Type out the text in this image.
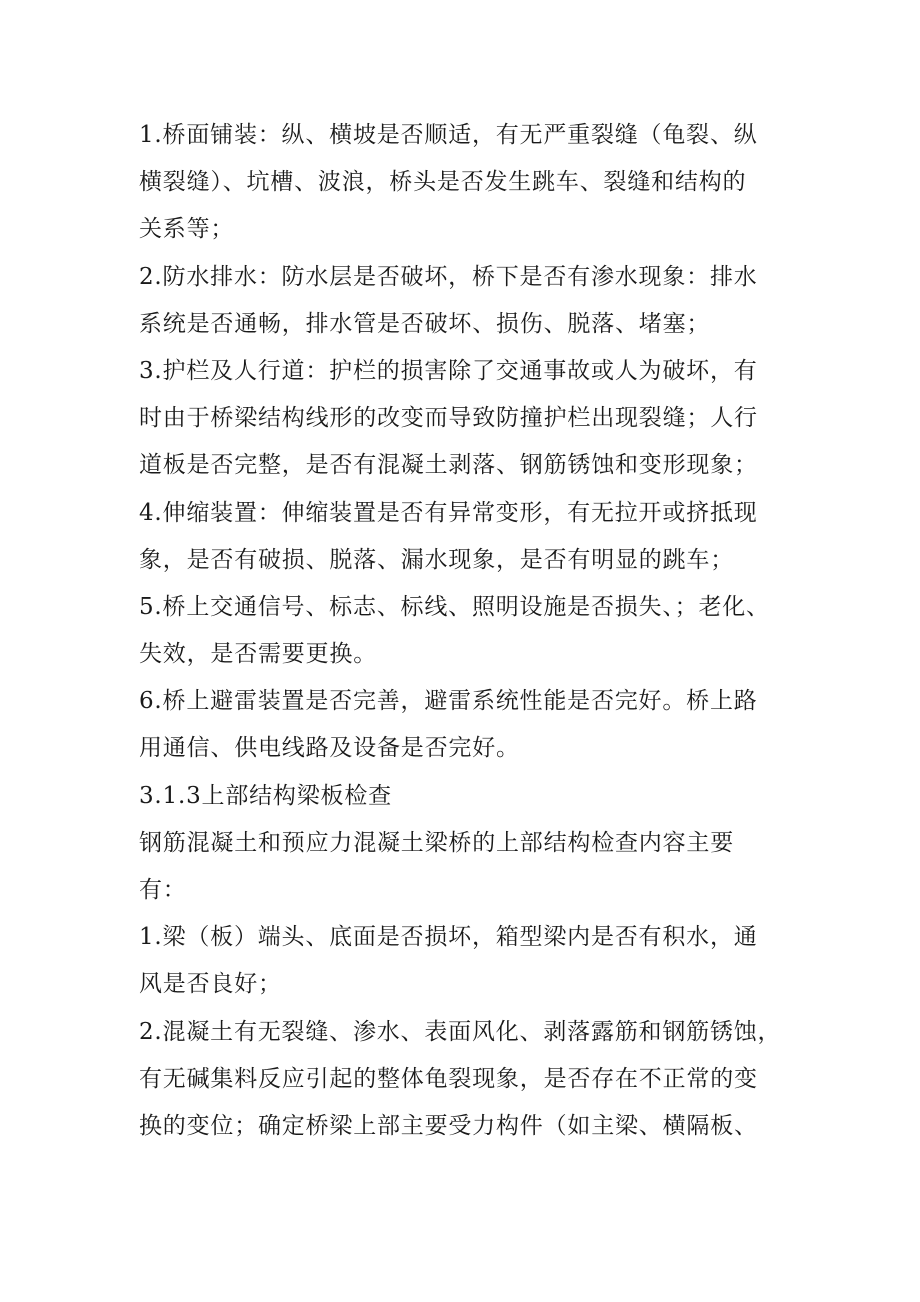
1.桥面铺装：纵、横坡是否顺适，有无严重裂缝（龟裂、纵
横裂缝）、坑槽、波浪，桥头是否发生跳车、裂缝和结构的
关系等；
2.防水排水：防水层是否破坏，桥下是否有渗水现象：排水
系统是否通畅，排水管是否破坏、损伤、脱落、堵塞；
3.护栏及人行道：护栏的损害除了交通事故或人为破坏，有
时由于桥梁结构线形的改变而导致防撞护栏出现裂缝；人行
道板是否完整，是否有混凝土剥落、钢筋锈蚀和变形现象；
4.伸缩装置：伸缩装置是否有异常变形，有无拉开或挤抵现
象，是否有破损、脱落、漏水现象，是否有明显的跳车；
5.桥上交通信号、标志、标线、照明设施是否损失、；老化、
失效，是否需要更换。
6.桥上避雷装置是否完善，避雷系统性能是否完好。桥上路
用通信、供电线路及设备是否完好。
3.1.3上部结构梁板检查
钢筋混凝土和预应力混凝土梁桥的上部结构检查内容主要
有：
1.梁（板）端头、底面是否损坏，箱型梁内是否有积水，通
风是否良好；
2.混凝土有无裂缝、渗水、表面风化、剥落露筋和钢筋锈蚀，
有无碱集料反应引起的整体龟裂现象，是否存在不正常的变
换的变位；确定桥梁上部主要受力构件（如主梁、横隔板、
